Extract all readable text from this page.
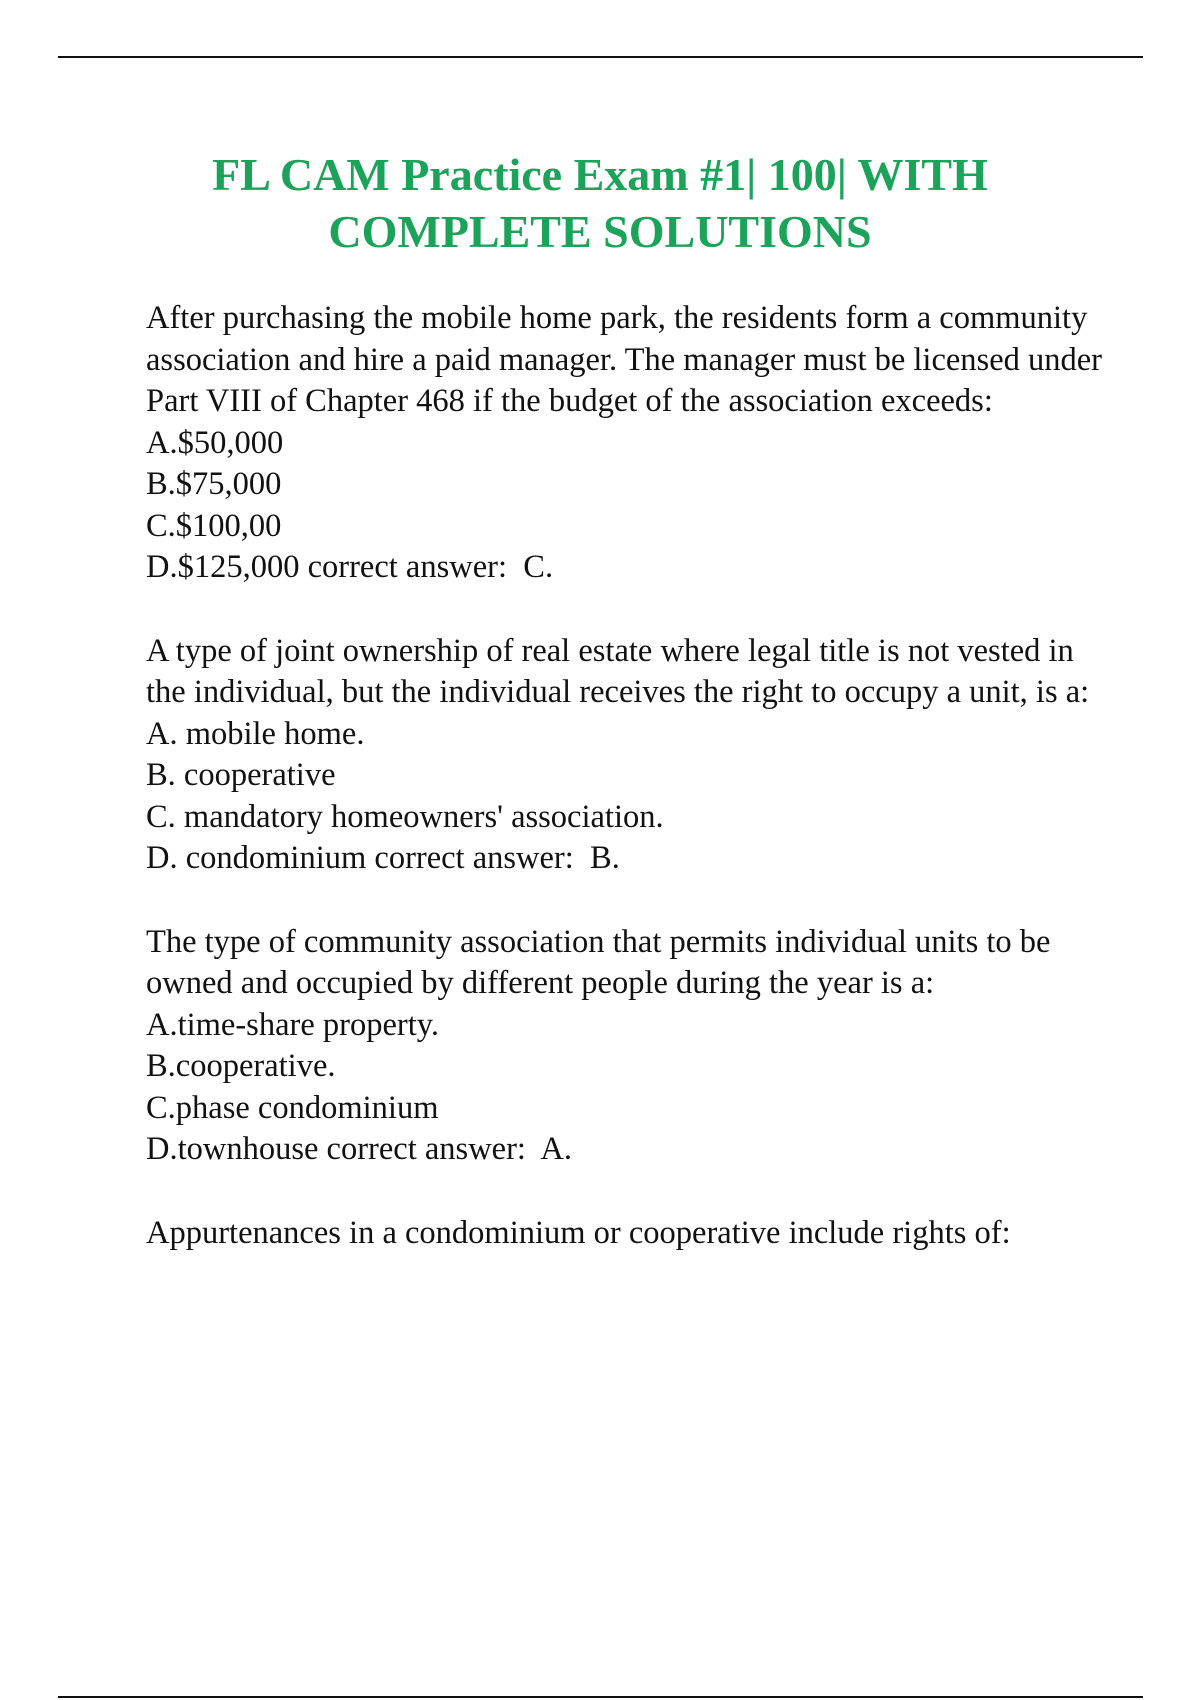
FL CAM Practice Exam #1| 100| WITH
COMPLETE SOLUTIONS

After purchasing the mobile home park, the residents form a community association and hire a paid manager. The manager must be licensed under Part VIII of Chapter 468 if the budget of the association exceeds:

A.$50,000
B.$75,000
C.$100,00
D.$125,000 correct answer: C.

A type of joint ownership of real estate where legal title is not vested in the individual, but the individual receives the right to occupy a unit, is a:

A. mobile home.
B. cooperative
C. mandatory homeowners' association.
D. condominium correct answer: B.

The type of community association that permits individual units to be owned and occupied by different people during the year is a:

A.time-share property.
B.cooperative.
C.phase condominium
D.townhouse correct answer: A.

Appurtenances in a condominium or cooperative include rights of:
